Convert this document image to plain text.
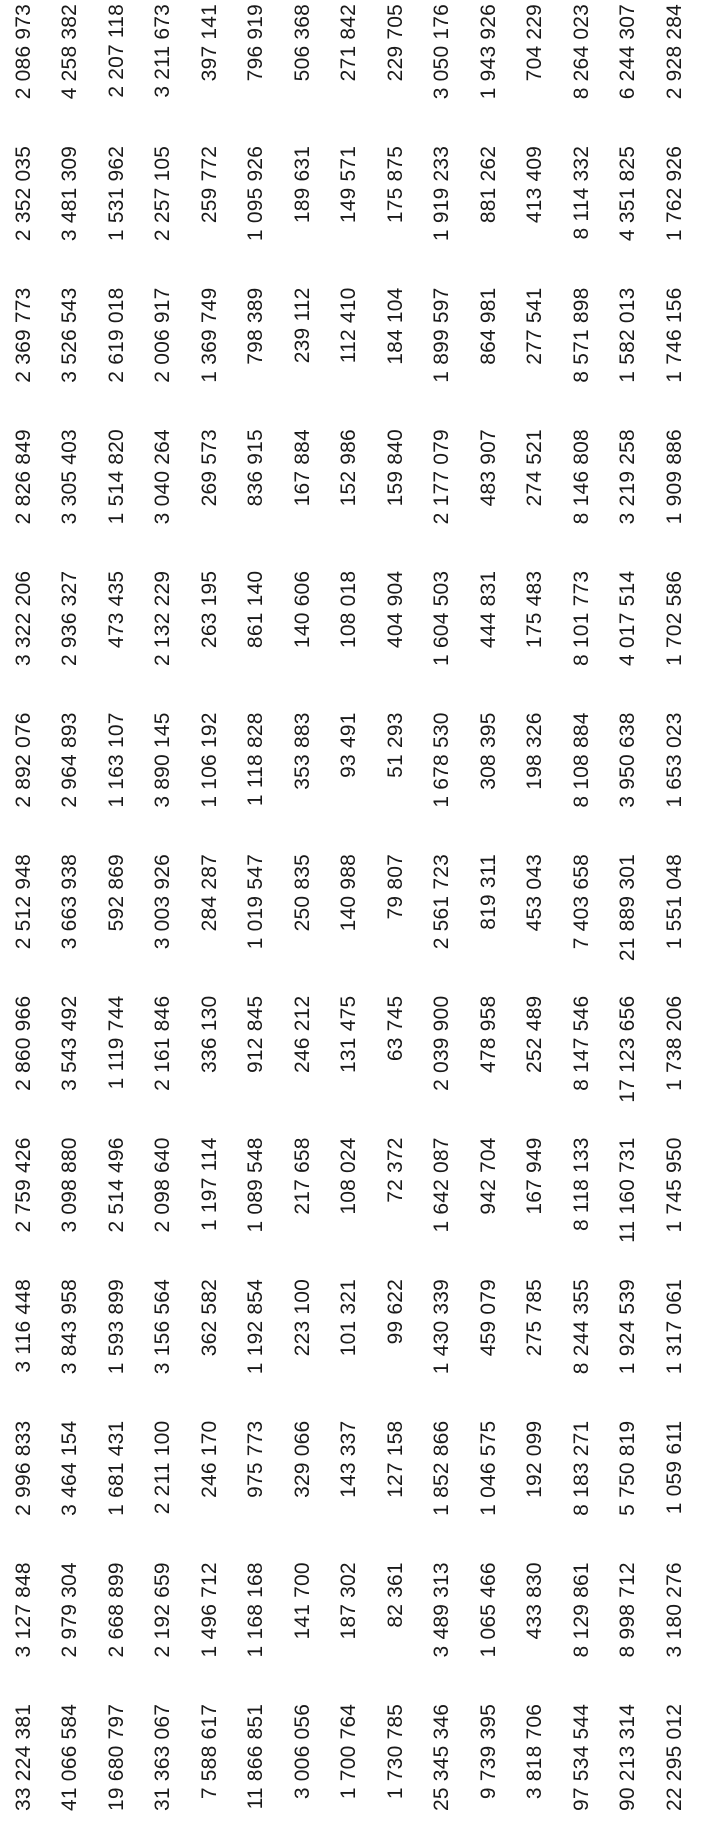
33 224 381	3 127 848	2 996 833	3 116 448	2 759 426	2 860 966	2 512 948	2 892 076	3 322 206	2 826 849	2 369 773	2 352 035	2 086 973
41 066 584	2 979 304	3 464 154	3 843 958	3 098 880	3 543 492	3 663 938	2 964 893	2 936 327	3 305 403	3 526 543	3 481 309	4 258 382
19 680 797	2 668 899	1 681 431	1 593 899	2 514 496	1 119 744	592 869	1 163 107	473 435	1 514 820	2 619 018	1 531 962	2 207 118
31 363 067	2 192 659	2 211 100	3 156 564	2 098 640	2 161 846	3 003 926	3 890 145	2 132 229	3 040 264	2 006 917	2 257 105	3 211 673
7 588 617	1 496 712	246 170	362 582	1 197 114	336 130	284 287	1 106 192	263 195	269 573	1 369 749	259 772	397 141
11 866 851	1 168 168	975 773	1 192 854	1 089 548	912 845	1 019 547	1 118 828	861 140	836 915	798 389	1 095 926	796 919
3 006 056	141 700	329 066	223 100	217 658	246 212	250 835	353 883	140 606	167 884	239 112	189 631	506 368
1 700 764	187 302	143 337	101 321	108 024	131 475	140 988	93 491	108 018	152 986	112 410	149 571	271 842
1 730 785	82 361	127 158	99 622	72 372	63 745	79 807	51 293	404 904	159 840	184 104	175 875	229 705
25 345 346	3 489 313	1 852 866	1 430 339	1 642 087	2 039 900	2 561 723	1 678 530	1 604 503	2 177 079	1 899 597	1 919 233	3 050 176
9 739 395	1 065 466	1 046 575	459 079	942 704	478 958	819 311	308 395	444 831	483 907	864 981	881 262	1 943 926
3 818 706	433 830	192 099	275 785	167 949	252 489	453 043	198 326	175 483	274 521	277 541	413 409	704 229
97 534 544	8 129 861	8 183 271	8 244 355	8 118 133	8 147 546	7 403 658	8 108 884	8 101 773	8 146 808	8 571 898	8 114 332	8 264 023
90 213 314	8 998 712	5 750 819	1 924 539	11 160 731	17 123 656	21 889 301	3 950 638	4 017 514	3 219 258	1 582 013	4 351 825	6 244 307
22 295 012	3 180 276	1 059 611	1 317 061	1 745 950	1 738 206	1 551 048	1 653 023	1 702 586	1 909 886	1 746 156	1 762 926	2 928 284
